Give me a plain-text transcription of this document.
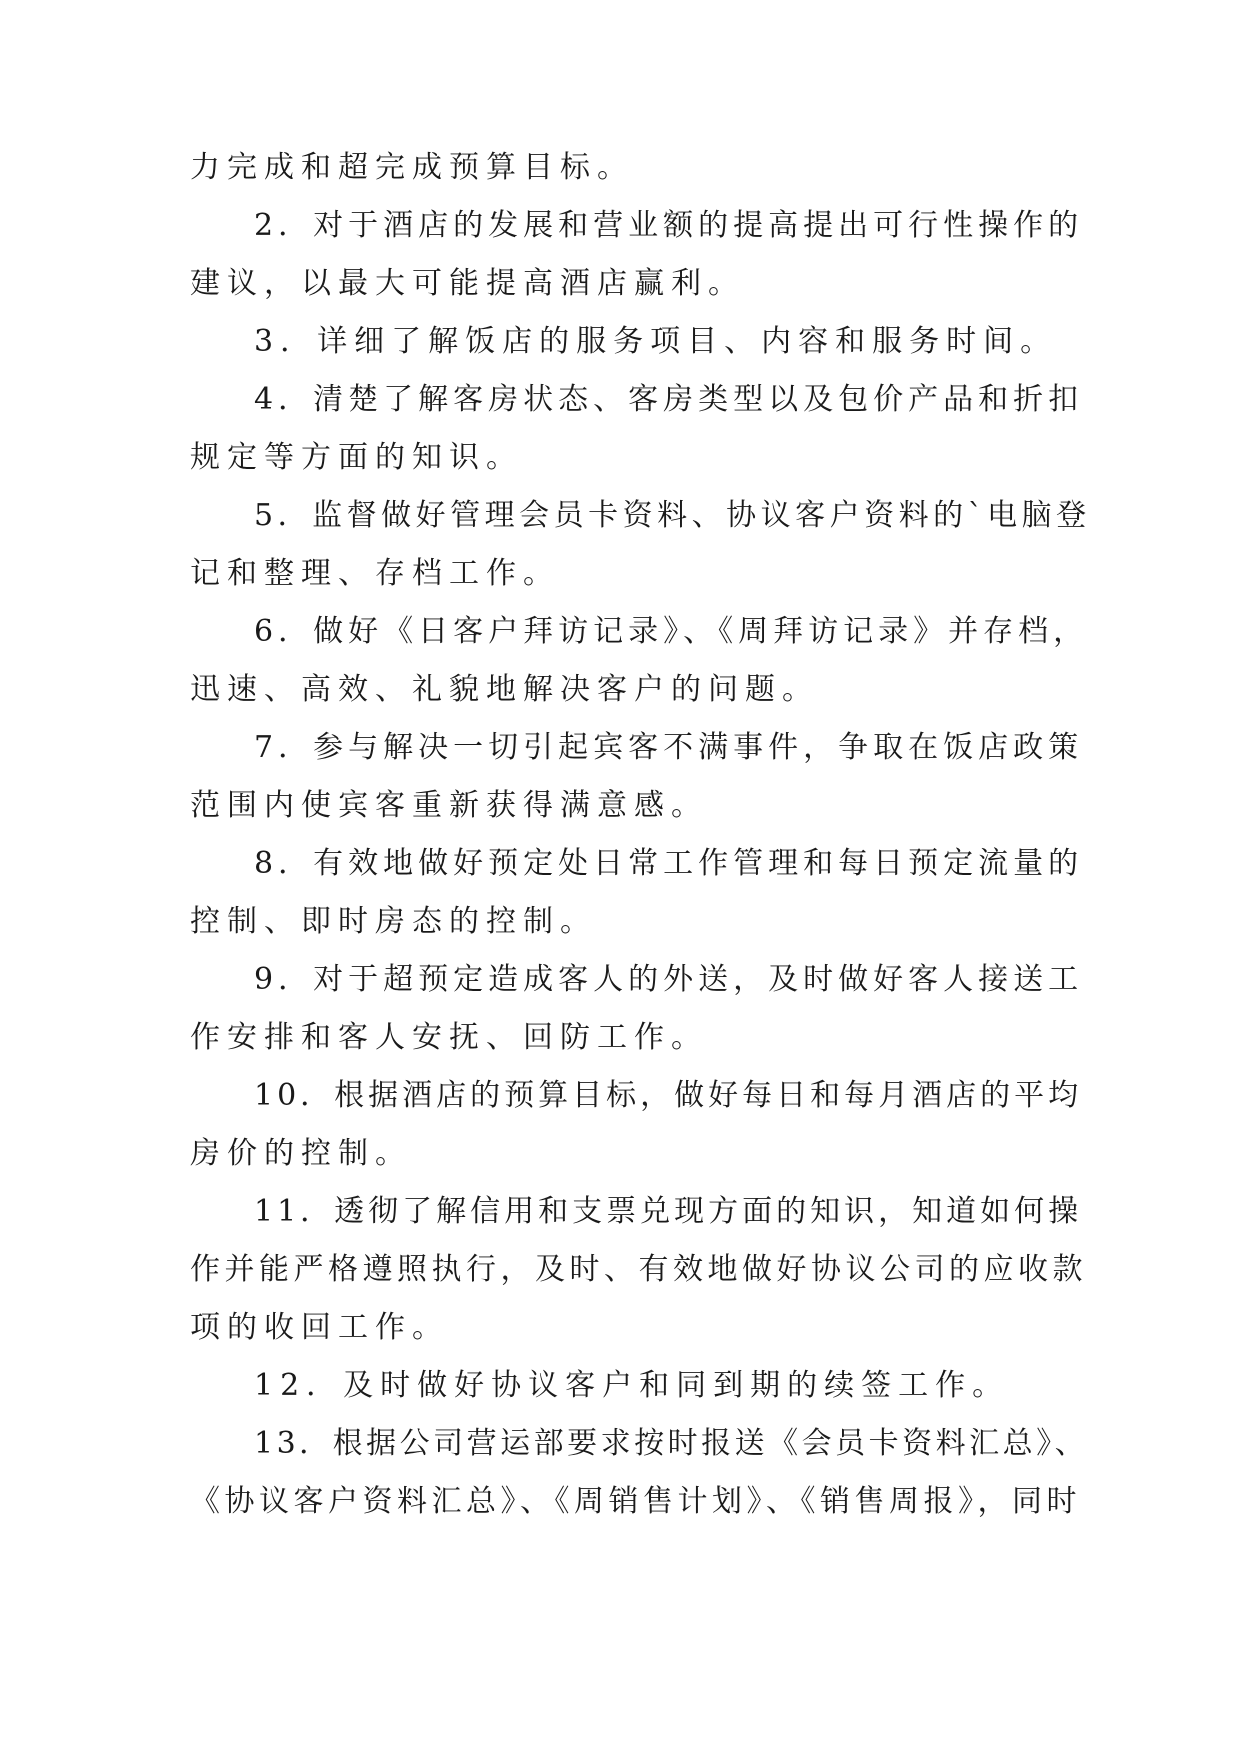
力完成和超完成预算目标。
2．对于酒店的发展和营业额的提高提出可行性操作的
建议，以最大可能提高酒店赢利。
3．详细了解饭店的服务项目、内容和服务时间。
4．清楚了解客房状态、客房类型以及包价产品和折扣
规定等方面的知识。
5．监督做好管理会员卡资料、协议客户资料的`电脑登
记和整理、存档工作。
6．做好《日客户拜访记录》、《周拜访记录》并存档，
迅速、高效、礼貌地解决客户的问题。
7．参与解决一切引起宾客不满事件，争取在饭店政策
范围内使宾客重新获得满意感。
8．有效地做好预定处日常工作管理和每日预定流量的
控制、即时房态的控制。
9．对于超预定造成客人的外送，及时做好客人接送工
作安排和客人安抚、回防工作。
10．根据酒店的预算目标，做好每日和每月酒店的平均
房价的控制。
11．透彻了解信用和支票兑现方面的知识，知道如何操
作并能严格遵照执行，及时、有效地做好协议公司的应收款
项的收回工作。
12．及时做好协议客户和同到期的续签工作。
13．根据公司营运部要求按时报送《会员卡资料汇总》、
《协议客户资料汇总》、《周销售计划》、《销售周报》，同时
